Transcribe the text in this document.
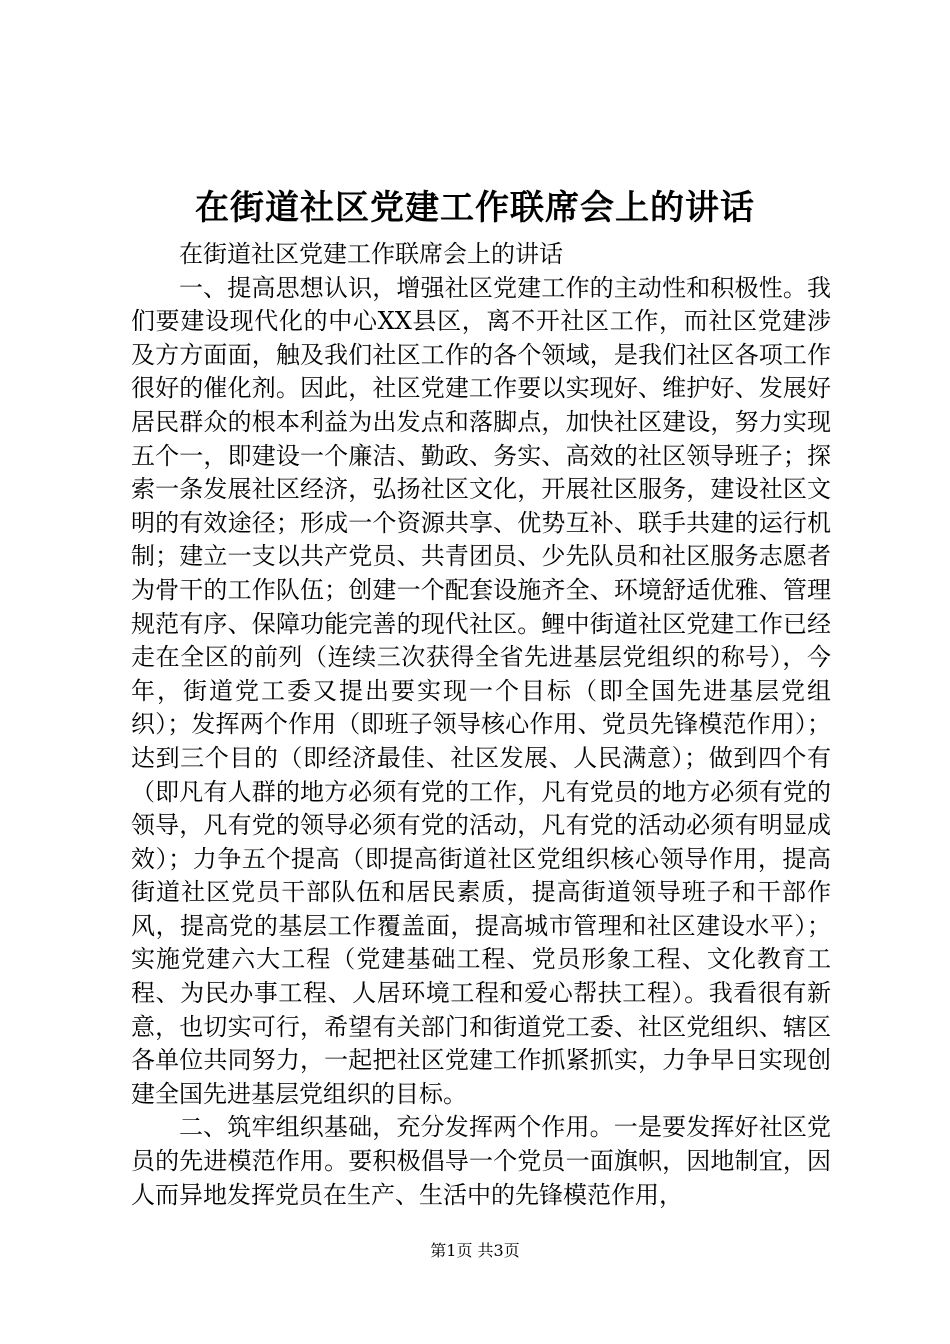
在街道社区党建工作联席会上的讲话

在街道社区党建工作联席会上的讲话

一、提高思想认识，增强社区党建工作的主动性和积极性。我们要建设现代化的中心XX县区，离不开社区工作，而社区党建涉及方方面面，触及我们社区工作的各个领域，是我们社区各项工作很好的催化剂。因此，社区党建工作要以实现好、维护好、发展好居民群众的根本利益为出发点和落脚点，加快社区建设，努力实现五个一，即建设一个廉洁、勤政、务实、高效的社区领导班子；探索一条发展社区经济，弘扬社区文化，开展社区服务，建设社区文明的有效途径；形成一个资源共享、优势互补、联手共建的运行机制；建立一支以共产党员、共青团员、少先队员和社区服务志愿者为骨干的工作队伍；创建一个配套设施齐全、环境舒适优雅、管理规范有序、保障功能完善的现代社区。鲤中街道社区党建工作已经走在全区的前列（连续三次获得全省先进基层党组织的称号），今年，街道党工委又提出要实现一个目标（即全国先进基层党组织）；发挥两个作用（即班子领导核心作用、党员先锋模范作用）；达到三个目的（即经济最佳、社区发展、人民满意）；做到四个有（即凡有人群的地方必须有党的工作，凡有党员的地方必须有党的领导，凡有党的领导必须有党的活动，凡有党的活动必须有明显成效）；力争五个提高（即提高街道社区党组织核心领导作用，提高街道社区党员干部队伍和居民素质，提高街道领导班子和干部作风，提高党的基层工作覆盖面，提高城市管理和社区建设水平）；实施党建六大工程（党建基础工程、党员形象工程、文化教育工程、为民办事工程、人居环境工程和爱心帮扶工程）。我看很有新意，也切实可行，希望有关部门和街道党工委、社区党组织、辖区各单位共同努力，一起把社区党建工作抓紧抓实，力争早日实现创建全国先进基层党组织的目标。

二、筑牢组织基础，充分发挥两个作用。一是要发挥好社区党员的先进模范作用。要积极倡导一个党员一面旗帜，因地制宜，因人而异地发挥党员在生产、生活中的先锋模范作用，

第1页 共3页
